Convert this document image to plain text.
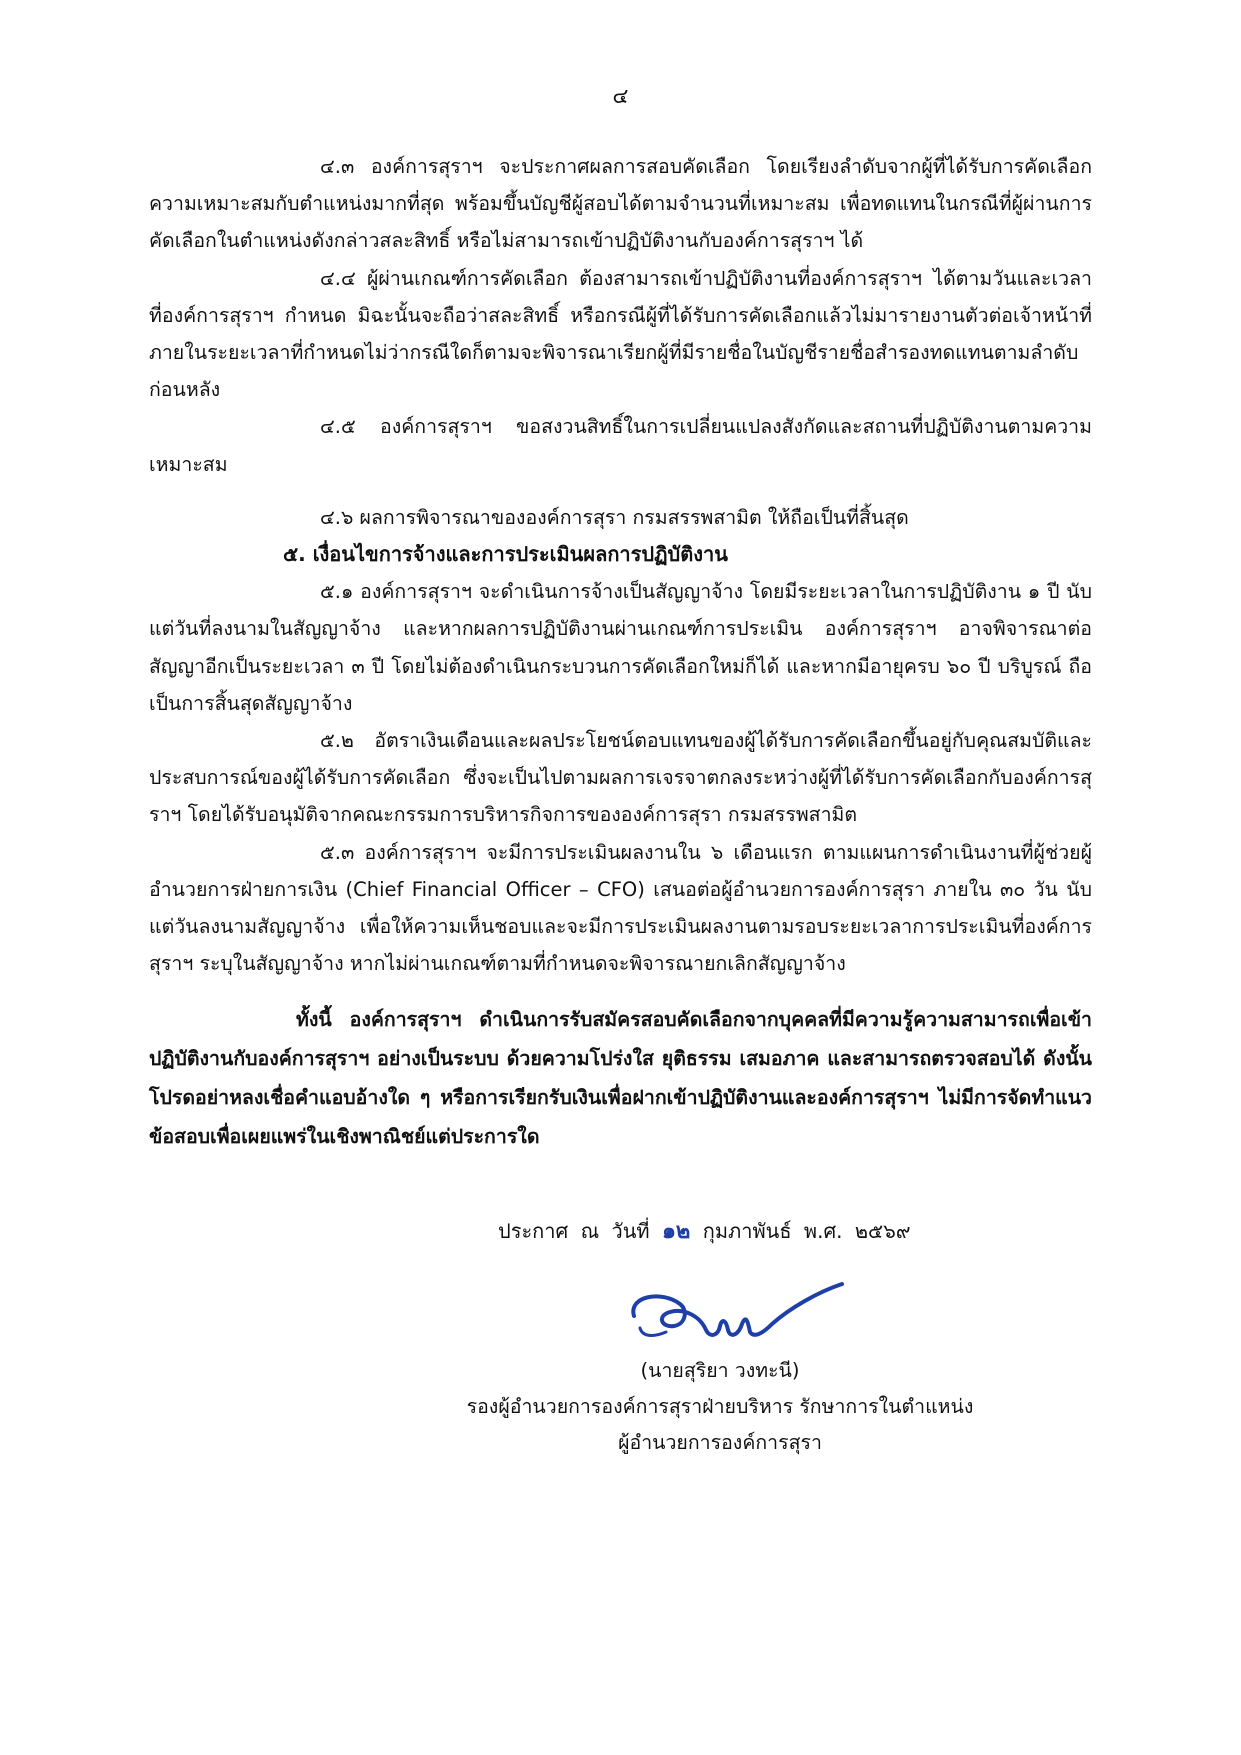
๔

๔.๓ องค์การสุราฯ จะประกาศผลการสอบคัดเลือก โดยเรียงลำดับจากผู้ที่ได้รับการคัดเลือกความเหมาะสมกับตำแหน่งมากที่สุด พร้อมขึ้นบัญชีผู้สอบได้ตามจำนวนที่เหมาะสม เพื่อทดแทนในกรณีที่ผู้ผ่านการคัดเลือกในตำแหน่งดังกล่าวสละสิทธิ์ หรือไม่สามารถเข้าปฏิบัติงานกับองค์การสุราฯ ได้

๔.๔ ผู้ผ่านเกณฑ์การคัดเลือก ต้องสามารถเข้าปฏิบัติงานที่องค์การสุราฯ ได้ตามวันและเวลา ที่องค์การสุราฯ กำหนด มิฉะนั้นจะถือว่าสละสิทธิ์ หรือกรณีผู้ที่ได้รับการคัดเลือกแล้วไม่มารายงานตัวต่อเจ้าหน้าที่ภายในระยะเวลาที่กำหนดไม่ว่ากรณีใดก็ตามจะพิจารณาเรียกผู้ที่มีรายชื่อในบัญชีรายชื่อสำรองทดแทนตามลำดับก่อนหลัง

๔.๕ องค์การสุราฯ ขอสงวนสิทธิ์ในการเปลี่ยนแปลงสังกัดและสถานที่ปฏิบัติงานตามความเหมาะสม

๔.๖ ผลการพิจารณาขององค์การสุรา กรมสรรพสามิต ให้ถือเป็นที่สิ้นสุด

๕. เงื่อนไขการจ้างและการประเมินผลการปฏิบัติงาน

๕.๑ องค์การสุราฯ จะดำเนินการจ้างเป็นสัญญาจ้าง โดยมีระยะเวลาในการปฏิบัติงาน ๑ ปี นับแต่วันที่ลงนามในสัญญาจ้าง และหากผลการปฏิบัติงานผ่านเกณฑ์การประเมิน องค์การสุราฯ อาจพิจารณาต่อสัญญาอีกเป็นระยะเวลา ๓ ปี โดยไม่ต้องดำเนินกระบวนการคัดเลือกใหม่ก็ได้ และหากมีอายุครบ ๖๐ ปี บริบูรณ์ ถือเป็นการสิ้นสุดสัญญาจ้าง

๕.๒ อัตราเงินเดือนและผลประโยชน์ตอบแทนของผู้ได้รับการคัดเลือกขึ้นอยู่กับคุณสมบัติและประสบการณ์ของผู้ได้รับการคัดเลือก ซึ่งจะเป็นไปตามผลการเจรจาตกลงระหว่างผู้ที่ได้รับการคัดเลือกกับองค์การสุราฯ โดยได้รับอนุมัติจากคณะกรรมการบริหารกิจการขององค์การสุรา กรมสรรพสามิต

๕.๓ องค์การสุราฯ จะมีการประเมินผลงานใน ๖ เดือนแรก ตามแผนการดำเนินงานที่ผู้ช่วยผู้อำนวยการฝ่ายการเงิน (Chief Financial Officer – CFO) เสนอต่อผู้อำนวยการองค์การสุรา ภายใน ๓๐ วัน นับแต่วันลงนามสัญญาจ้าง เพื่อให้ความเห็นชอบและจะมีการประเมินผลงานตามรอบระยะเวลาการประเมินที่องค์การสุราฯ ระบุในสัญญาจ้าง หากไม่ผ่านเกณฑ์ตามที่กำหนดจะพิจารณายกเลิกสัญญาจ้าง

ทั้งนี้ องค์การสุราฯ ดำเนินการรับสมัครสอบคัดเลือกจากบุคคลที่มีความรู้ความสามารถเพื่อเข้าปฏิบัติงานกับองค์การสุราฯ อย่างเป็นระบบ ด้วยความโปร่งใส ยุติธรรม เสมอภาค และสามารถตรวจสอบได้ ดังนั้น โปรดอย่าหลงเชื่อคำแอบอ้างใด ๆ หรือการเรียกรับเงินเพื่อฝากเข้าปฏิบัติงานและองค์การสุราฯ ไม่มีการจัดทำแนวข้อสอบเพื่อเผยแพร่ในเชิงพาณิชย์แต่ประการใด

ประกาศ ณ วันที่ ๑๒ กุมภาพันธ์ พ.ศ. ๒๕๖๙
(นายสุริยา วงทะนี)
รองผู้อำนวยการองค์การสุราฝ่ายบริหาร รักษาการในตำแหน่ง
ผู้อำนวยการองค์การสุรา
